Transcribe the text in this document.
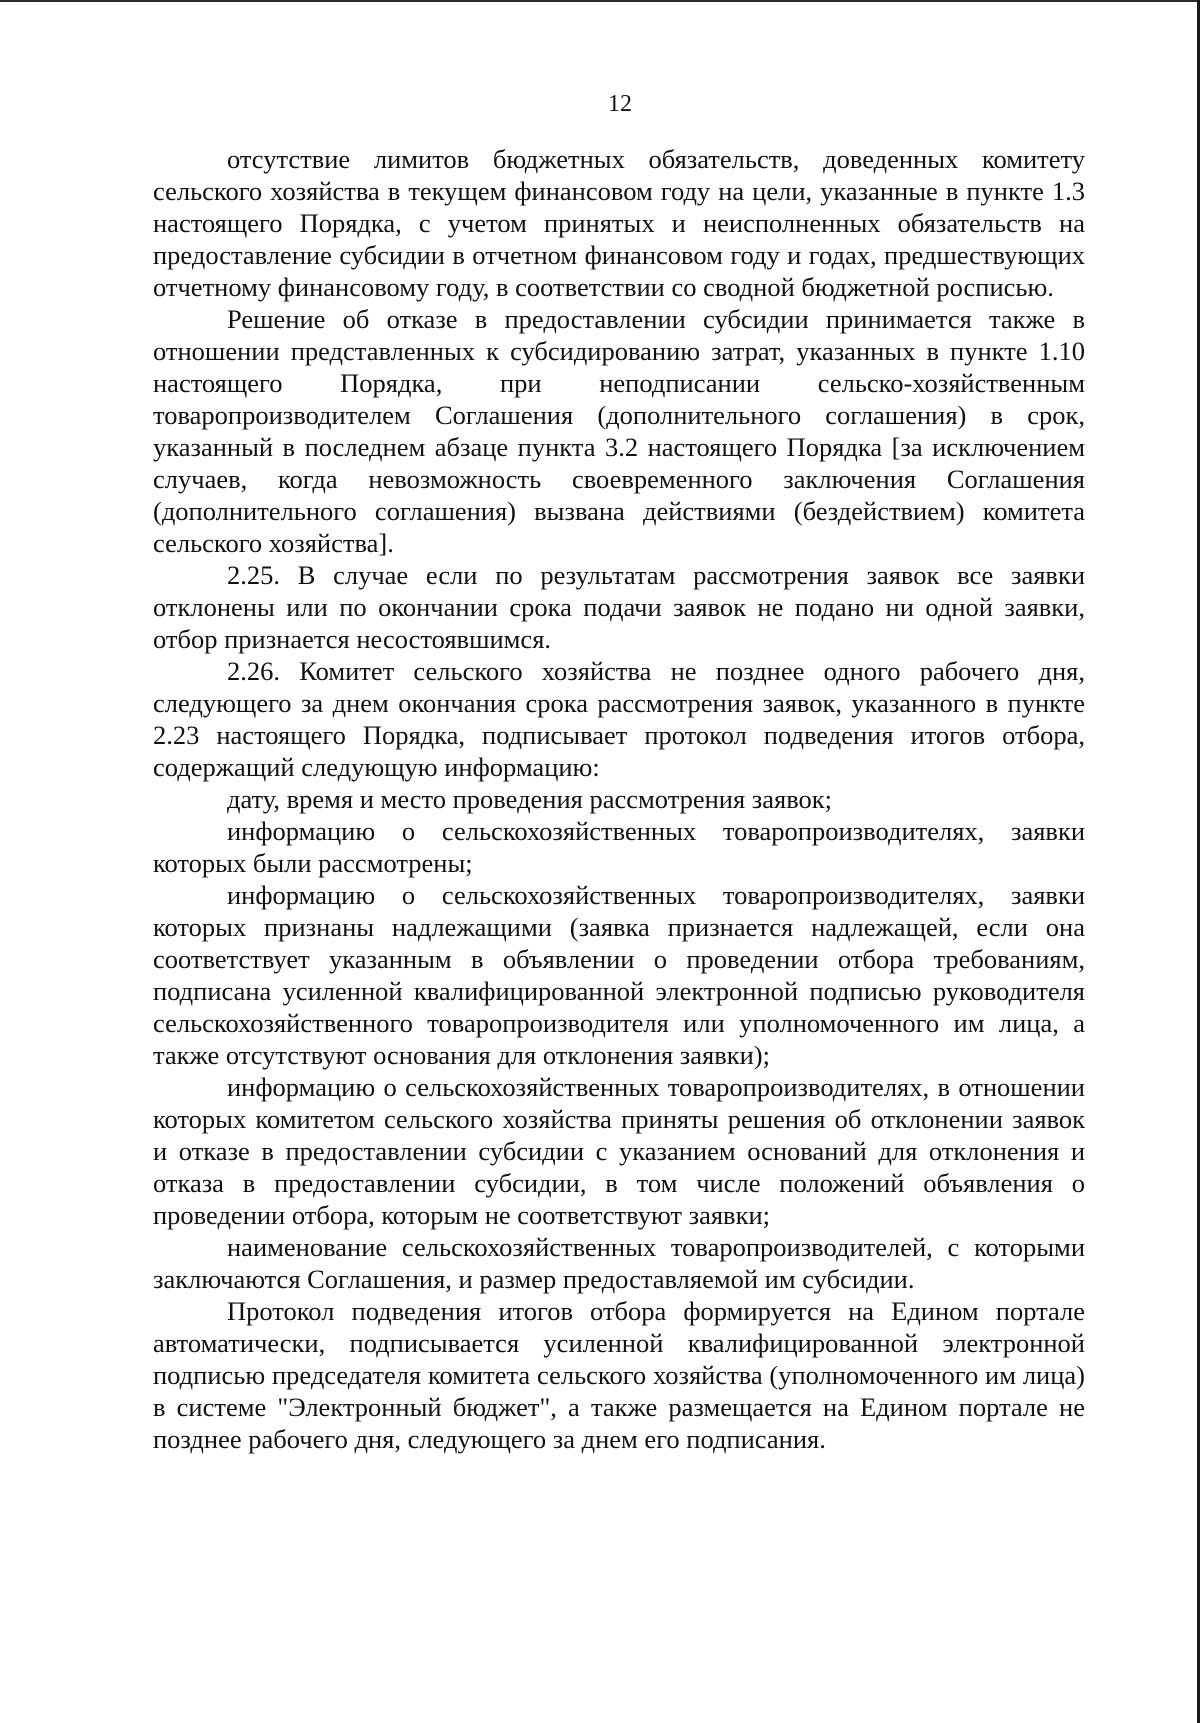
12

отсутствие лимитов бюджетных обязательств, доведенных комитету сельского хозяйства в текущем финансовом году на цели, указанные в пункте 1.3 настоящего Порядка, с учетом принятых и неисполненных обязательств на предоставление субсидии в отчетном финансовом году и годах, предшествующих отчетному финансовому году, в соответствии со сводной бюджетной росписью.

Решение об отказе в предоставлении субсидии принимается также в отношении представленных к субсидированию затрат, указанных в пункте 1.10 настоящего Порядка, при неподписании сельско-хозяйственным товаропроизводителем Соглашения (дополнительного соглашения) в срок, указанный в последнем абзаце пункта 3.2 настоящего Порядка [за исключением случаев, когда невозможность своевременного заключения Соглашения (дополнительного соглашения) вызвана действиями (бездействием) комитета сельского хозяйства].

2.25. В случае если по результатам рассмотрения заявок все заявки отклонены или по окончании срока подачи заявок не подано ни одной заявки, отбор признается несостоявшимся.

2.26. Комитет сельского хозяйства не позднее одного рабочего дня, следующего за днем окончания срока рассмотрения заявок, указанного в пункте 2.23 настоящего Порядка, подписывает протокол подведения итогов отбора, содержащий следующую информацию:

дату, время и место проведения рассмотрения заявок;

информацию о сельскохозяйственных товаропроизводителях, заявки которых были рассмотрены;

информацию о сельскохозяйственных товаропроизводителях, заявки которых признаны надлежащими (заявка признается надлежащей, если она соответствует указанным в объявлении о проведении отбора требованиям, подписана усиленной квалифицированной электронной подписью руководителя сельскохозяйственного товаропроизводителя или уполномоченного им лица, а также отсутствуют основания для отклонения заявки);

информацию о сельскохозяйственных товаропроизводителях, в отношении которых комитетом сельского хозяйства приняты решения об отклонении заявок и отказе в предоставлении субсидии с указанием оснований для отклонения и отказа в предоставлении субсидии, в том числе положений объявления о проведении отбора, которым не соответствуют заявки;

наименование сельскохозяйственных товаропроизводителей, с которыми заключаются Соглашения, и размер предоставляемой им субсидии.

Протокол подведения итогов отбора формируется на Едином портале автоматически, подписывается усиленной квалифицированной электронной подписью председателя комитета сельского хозяйства (уполномоченного им лица) в системе "Электронный бюджет", а также размещается на Едином портале не позднее рабочего дня, следующего за днем его подписания.
